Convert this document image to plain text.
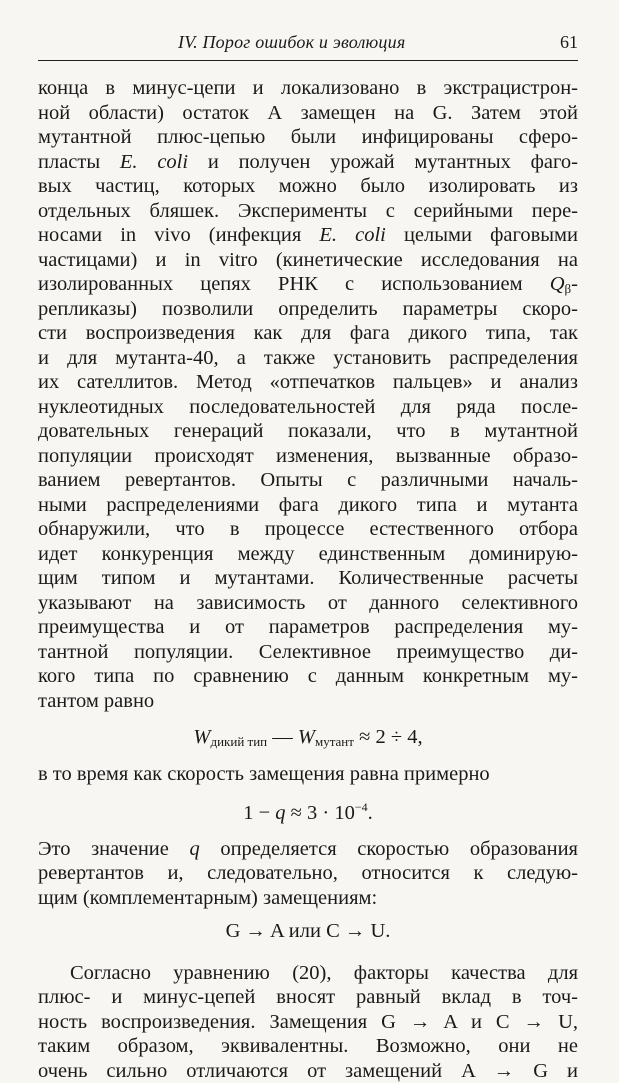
IV. Порог ошибок и эволюция	61
конца в минус-цепи и локализовано в экстрацистрон-
ной области) остаток А замещен на G. Затем этой
мутантной плюс-цепью были инфицированы сферо-
пласты E. coli и получен урожай мутантных фаго-
вых частиц, которых можно было изолировать из
отдельных бляшек. Эксперименты с серийными пере-
носами in vivo (инфекция E. coli целыми фаговыми
частицами) и in vitro (кинетические исследования на
изолированных цепях РНК с использованием $Q_\beta-$
репликазы) позволили определить параметры скоро-
сти воспроизведения как для фага дикого типа, так
и для мутанта-40, а также установить распределения
их сателлитов. Метод «отпечатков пальцев» и анализ
нуклеотидных последовательностей для ряда после-
довательных генераций показали, что в мутантной
популяции происходят изменения, вызванные образо-
ванием ревертантов. Опыты с различными началь-
ными распределениями фага дикого типа и мутанта
обнаружили, что в процессе естественного отбора
идет конкуренция между единственным доминирую-
щим типом и мутантами. Количественные расчеты
указывают на зависимость от данного селективного
преимущества и от параметров распределения му-
тантной популяции. Селективное преимущество ди-
кого типа по сравнению с данным конкретным му-
тантом равно
$W_{дикий тип}$ — $W_{мутант} \approx 2 \div 4$,
в то время как скорость замещения равна примерно
$1 - q \approx 3 \cdot 10^{-4}$.
Это значение q определяется скоростью образования
ревертантов и, следовательно, относится к следую-
щим (комплементарным) замещениям:
G → A или C → U.
Согласно уравнению (20), факторы качества для
плюс- и минус-цепей вносят равный вклад в точ-
ность воспроизведения. Замещения G → A и C → U,
таким образом, эквивалентны. Возможно, они не
очень сильно отличаются от замещений A → G и
